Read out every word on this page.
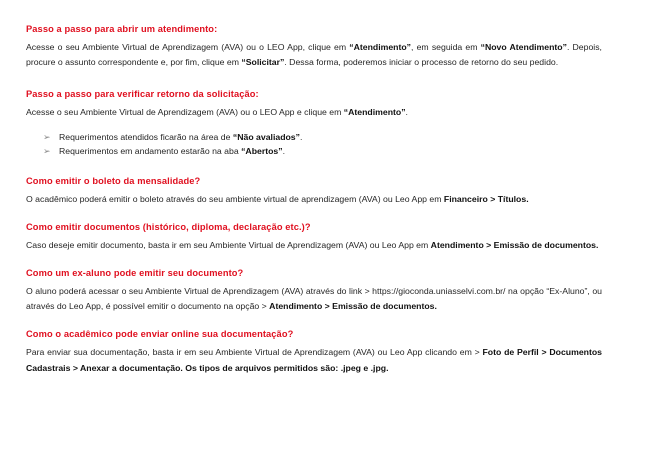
Passo a passo para abrir um atendimento:

Acesse o seu Ambiente Virtual de Aprendizagem (AVA) ou o LEO App, clique em “Atendimento”, em seguida em “Novo Atendimento”. Depois, procure o assunto correspondente e, por fim, clique em “Solicitar”. Dessa forma, poderemos iniciar o processo de retorno do seu pedido.

Passo a passo para verificar retorno da solicitação:

Acesse o seu Ambiente Virtual de Aprendizagem (AVA) ou o LEO App e clique em “Atendimento”.

➢ Requerimentos atendidos ficarão na área de “Não avaliados”.
➢ Requerimentos em andamento estarão na aba “Abertos”.

Como emitir o boleto da mensalidade?

O acadêmico poderá emitir o boleto através do seu ambiente virtual de aprendizagem (AVA) ou Leo App em Financeiro > Títulos.

Como emitir documentos (histórico, diploma, declaração etc.)?

Caso deseje emitir documento, basta ir em seu Ambiente Virtual de Aprendizagem (AVA) ou Leo App em Atendimento > Emissão de documentos.

Como um ex-aluno pode emitir seu documento?

O aluno poderá acessar o seu Ambiente Virtual de Aprendizagem (AVA) através do link > https://gioconda.uniasselvi.com.br/ na opção “Ex-Aluno”, ou através do Leo App, é possível emitir o documento na opção > Atendimento > Emissão de documentos.

Como o acadêmico pode enviar online sua documentação?

Para enviar sua documentação, basta ir em seu Ambiente Virtual de Aprendizagem (AVA) ou Leo App clicando em > Foto de Perfil > Documentos Cadastrais > Anexar a documentação. Os tipos de arquivos permitidos são: .jpeg e .jpg.
